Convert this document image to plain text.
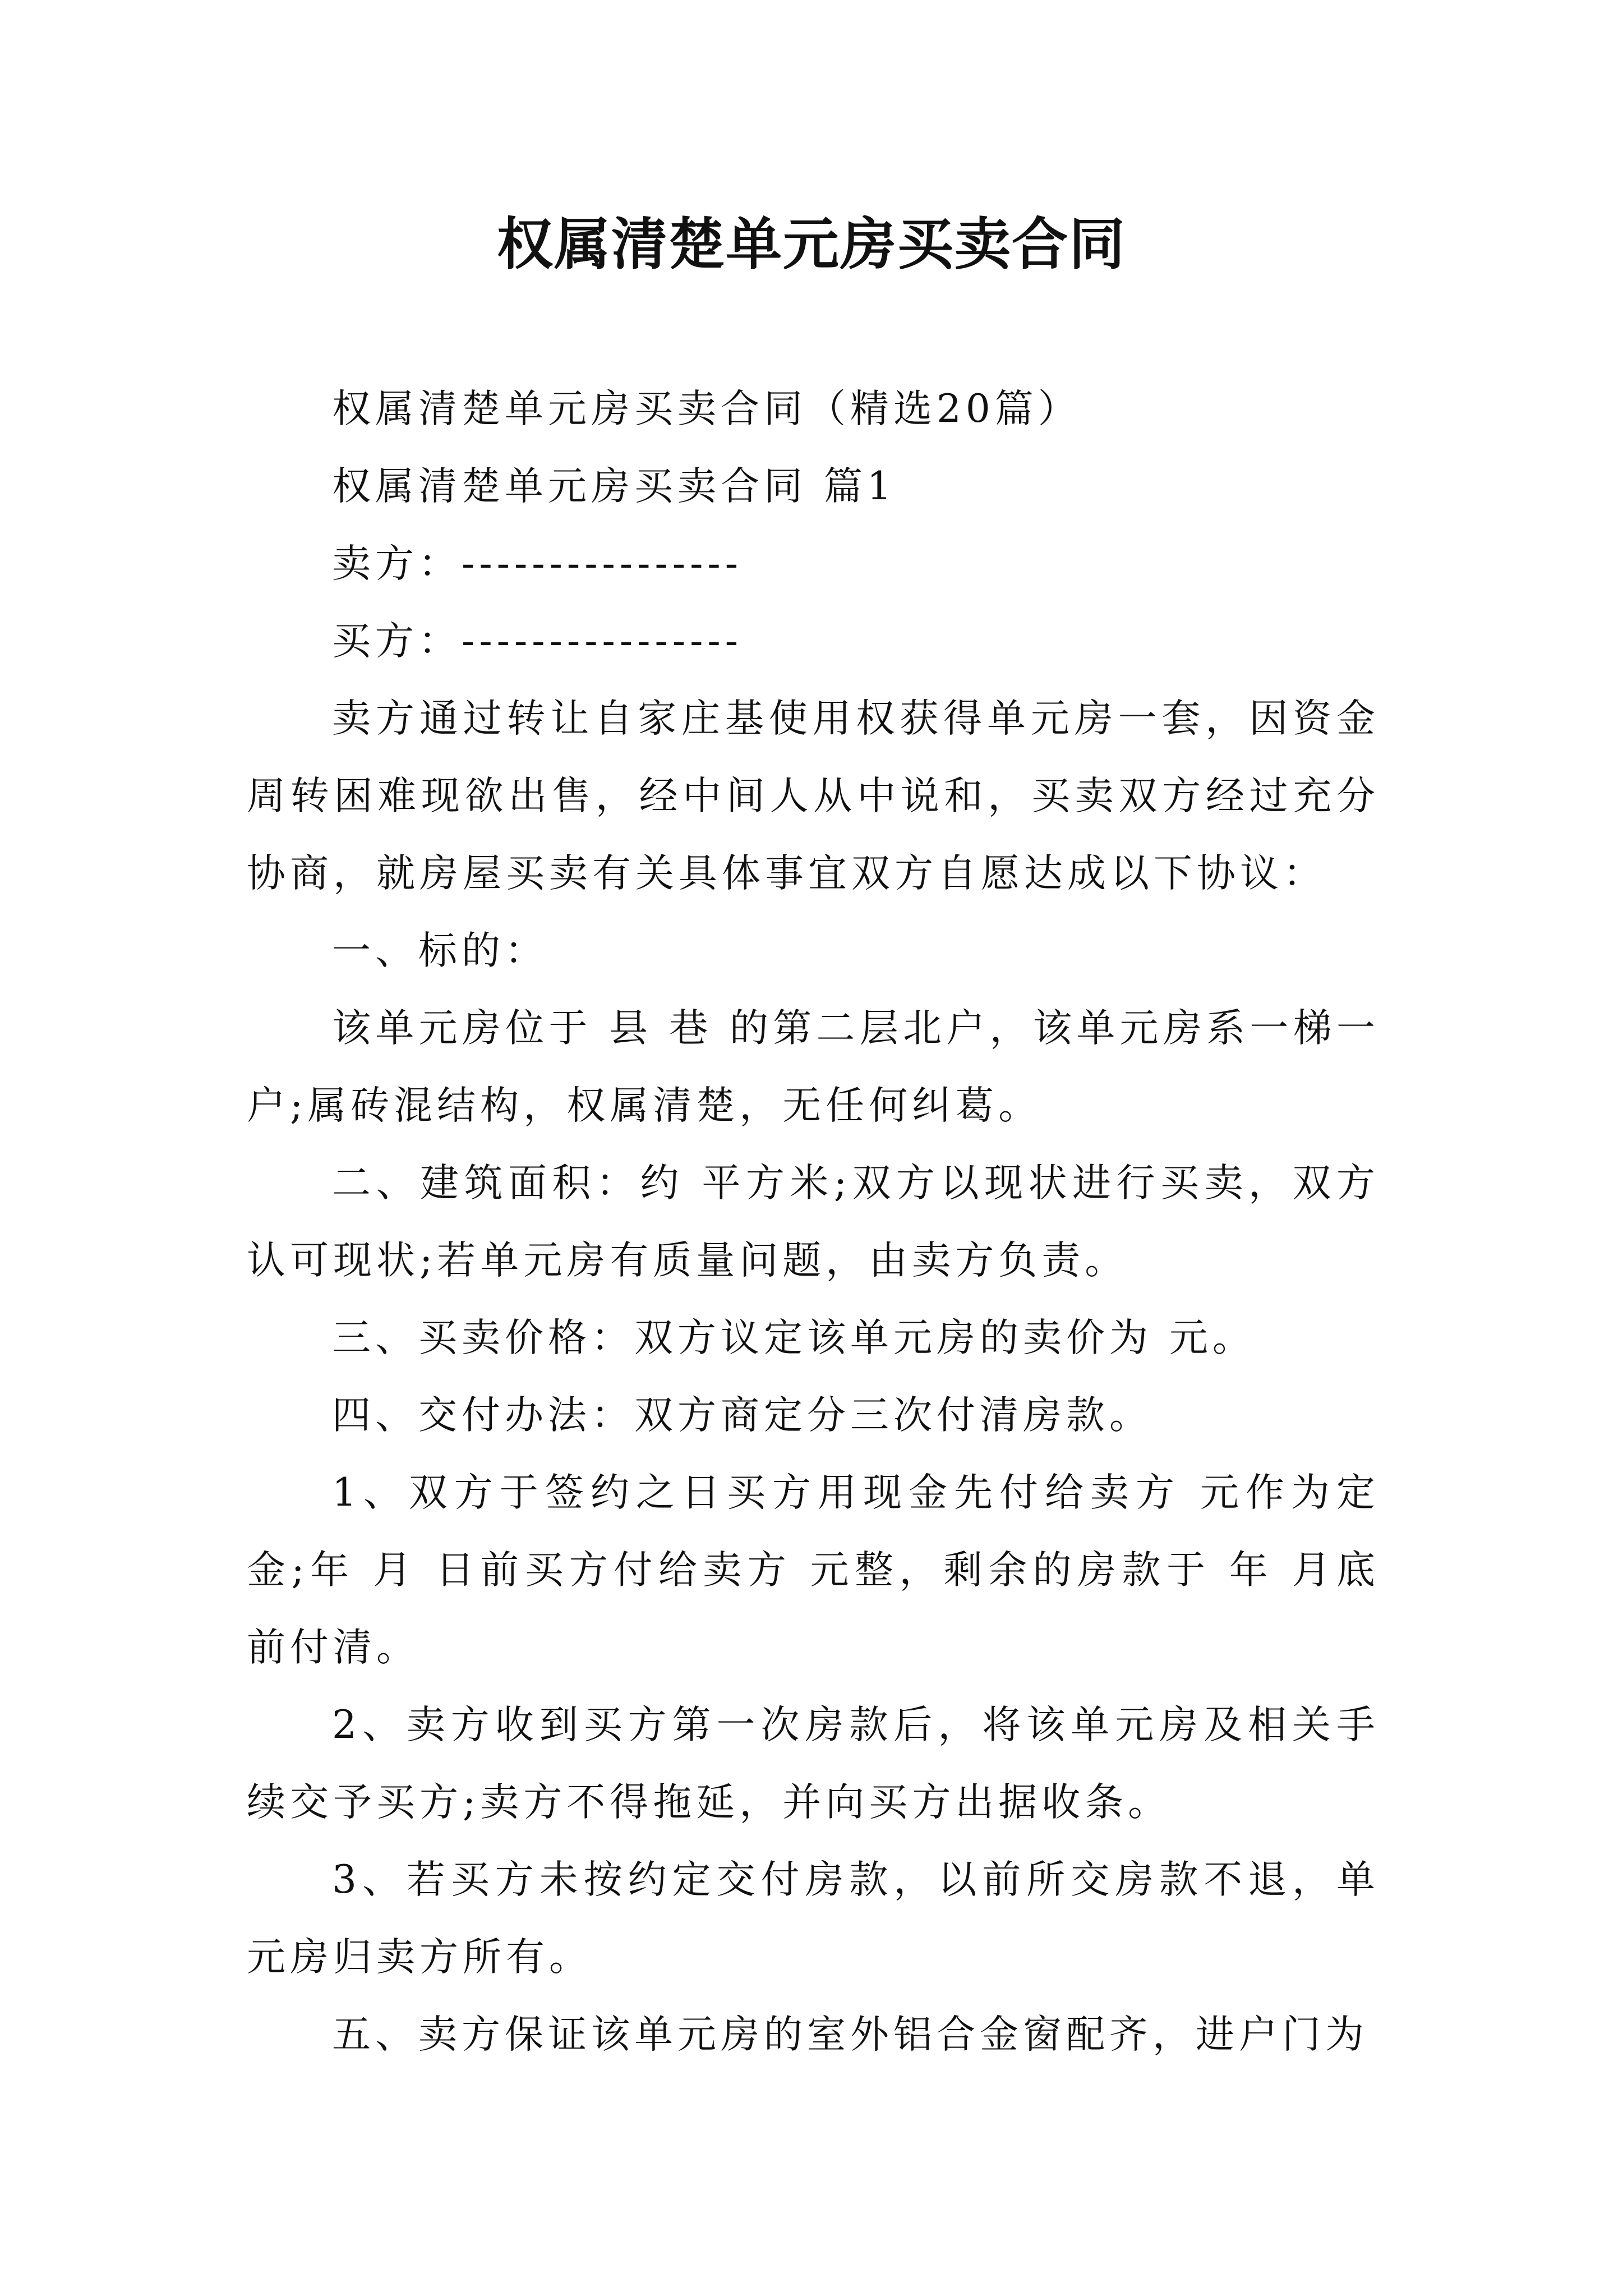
权属清楚单元房买卖合同

权属清楚单元房买卖合同（精选20篇）

权属清楚单元房买卖合同 篇1

卖方：----------------

买方：----------------

卖方通过转让自家庄基使用权获得单元房一套，因资金周转困难现欲出售，经中间人从中说和，买卖双方经过充分协商，就房屋买卖有关具体事宜双方自愿达成以下协议：

一、标的：

该单元房位于 县 巷 的第二层北户，该单元房系一梯一户;属砖混结构，权属清楚，无任何纠葛。

二、建筑面积：约 平方米;双方以现状进行买卖，双方认可现状;若单元房有质量问题，由卖方负责。

三、买卖价格：双方议定该单元房的卖价为 元。

四、交付办法：双方商定分三次付清房款。

1、双方于签约之日买方用现金先付给卖方 元作为定金;年 月 日前买方付给卖方 元整，剩余的房款于 年 月底前付清。

2、卖方收到买方第一次房款后，将该单元房及相关手续交予买方;卖方不得拖延，并向买方出据收条。

3、若买方未按约定交付房款，以前所交房款不退，单元房归卖方所有。

五、卖方保证该单元房的室外铝合金窗配齐，进户门为
